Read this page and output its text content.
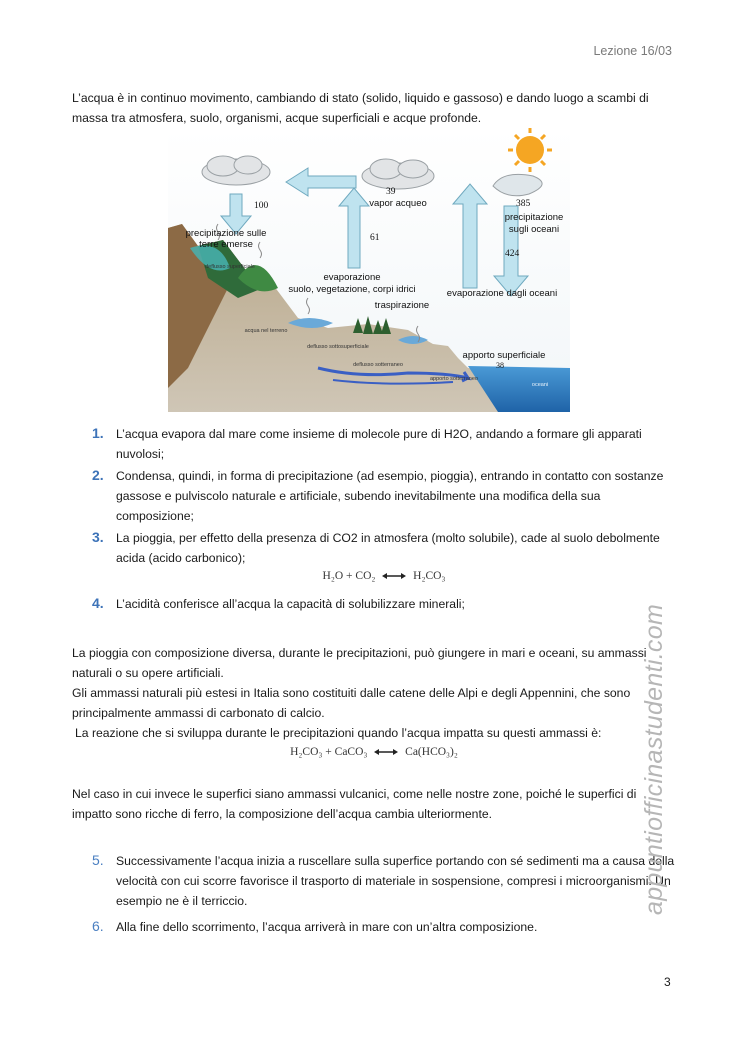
Lezione 16/03
L’acqua è in continuo movimento, cambiando di stato (solido, liquido e gassoso) e dando luogo a scambi di massa tra atmosfera, suolo, organismi, acque superficiali e acque profonde.
100
precipitazione sulle
terre emerse
39
vapor acqueo
61
385
precipitazione
sugli oceani
424
evaporazione
suolo, vegetazione, corpi idrici
traspirazione
evaporazione dagli oceani
apporto superficiale
38
deflusso superficiale
acqua nel terreno
deflusso sottosuperficiale
deflusso sotterraneo
apporto sotterraneo
oceani
1. L’acqua evapora dal mare come insieme di molecole pure di H2O, andando a formare gli apparati nuvolosi;
2. Condensa, quindi, in forma di precipitazione (ad esempio, pioggia), entrando in contatto con sostanze gassose e pulviscolo naturale e artificiale, subendo inevitabilmente una modifica della sua composizione;
3. La pioggia, per effetto della presenza di CO2 in atmosfera (molto solubile), cade al suolo debolmente acida (acido carbonico);
H₂O + CO₂	H₂CO₃
4. L’acidità conferisce all’acqua la capacità di solubilizzare minerali;
La pioggia con composizione diversa, durante le precipitazioni, può giungere in mari e oceani, su ammassi naturali o su opere artificiali.
Gli ammassi naturali più estesi in Italia sono costituiti dalle catene delle Alpi e degli Appennini, che sono principalmente ammassi di carbonato di calcio.
La reazione che si sviluppa durante le precipitazioni quando l’acqua impatta su questi ammassi è:
H₂CO₃ + CaCO₃	Ca(HCO₃)₂
Nel caso in cui invece le superfici siano ammassi vulcanici, come nelle nostre zone, poiché le superfici di impatto sono ricche di ferro, la composizione dell’acqua cambia ulteriormente.
5. Successivamente l’acqua inizia a ruscellare sulla superfice portando con sé sedimenti ma a causa della velocità con cui scorre favorisce il trasporto di materiale in sospensione, compresi i microorganismi. Un esempio ne è il terriccio.
6. Alla fine dello scorrimento, l’acqua arriverà in mare con un’altra composizione.
appuntiofficinastudenti.com
3
